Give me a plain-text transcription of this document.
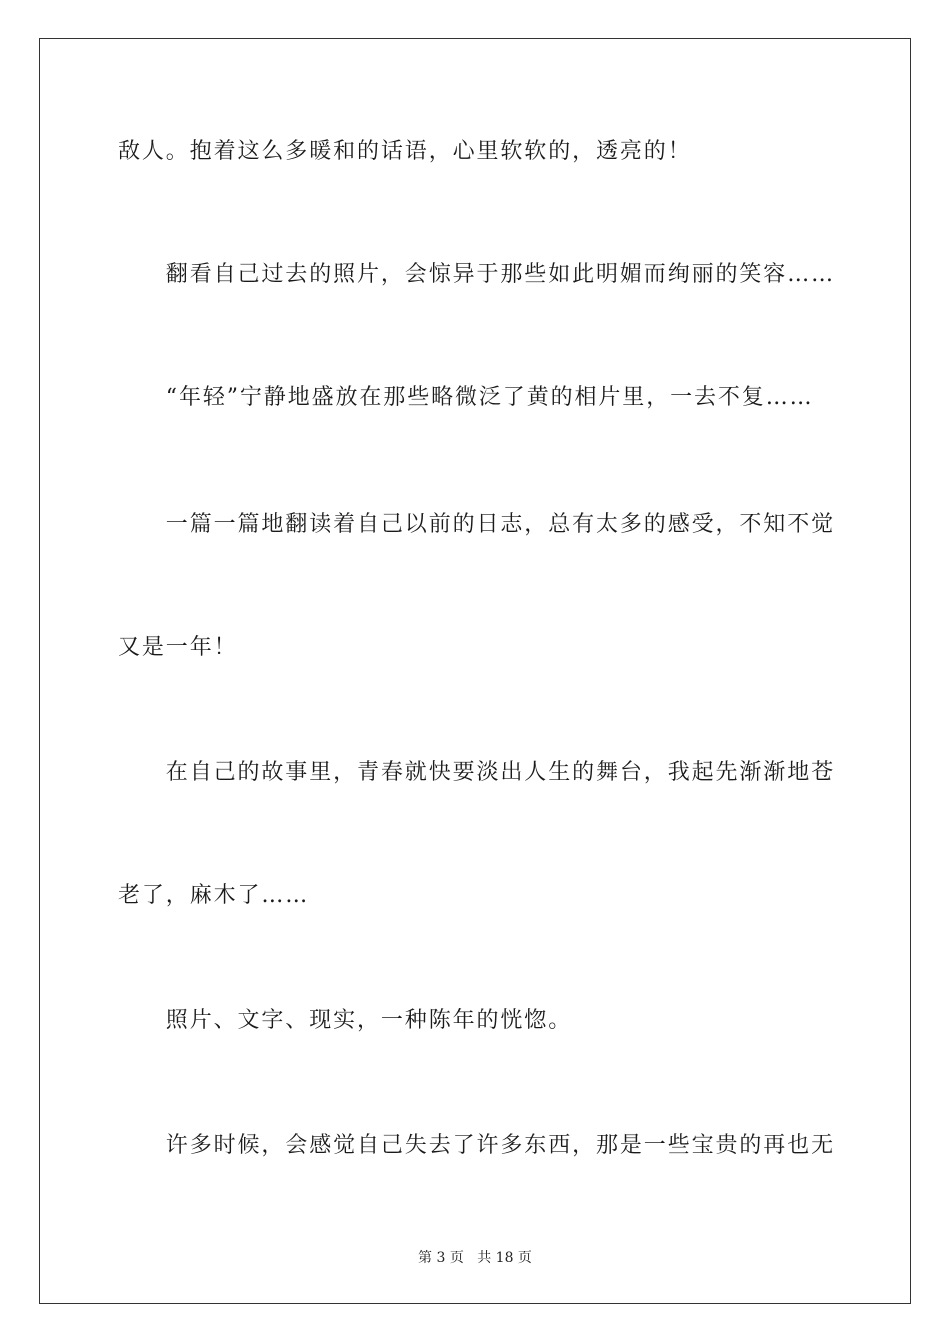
敌人。抱着这么多暖和的话语，心里软软的，透亮的！
　　翻看自己过去的照片，会惊异于那些如此明媚而绚丽的笑容……
　　“年轻”宁静地盛放在那些略微泛了黄的相片里，一去不复……
　　一篇一篇地翻读着自己以前的日志，总有太多的感受，不知不觉
又是一年！
　　在自己的故事里，青春就快要淡出人生的舞台，我起先渐渐地苍
老了，麻木了……
　　照片、文字、现实，一种陈年的恍惚。
　　许多时候，会感觉自己失去了许多东西，那是一些宝贵的再也无
第 3 页 共 18 页
